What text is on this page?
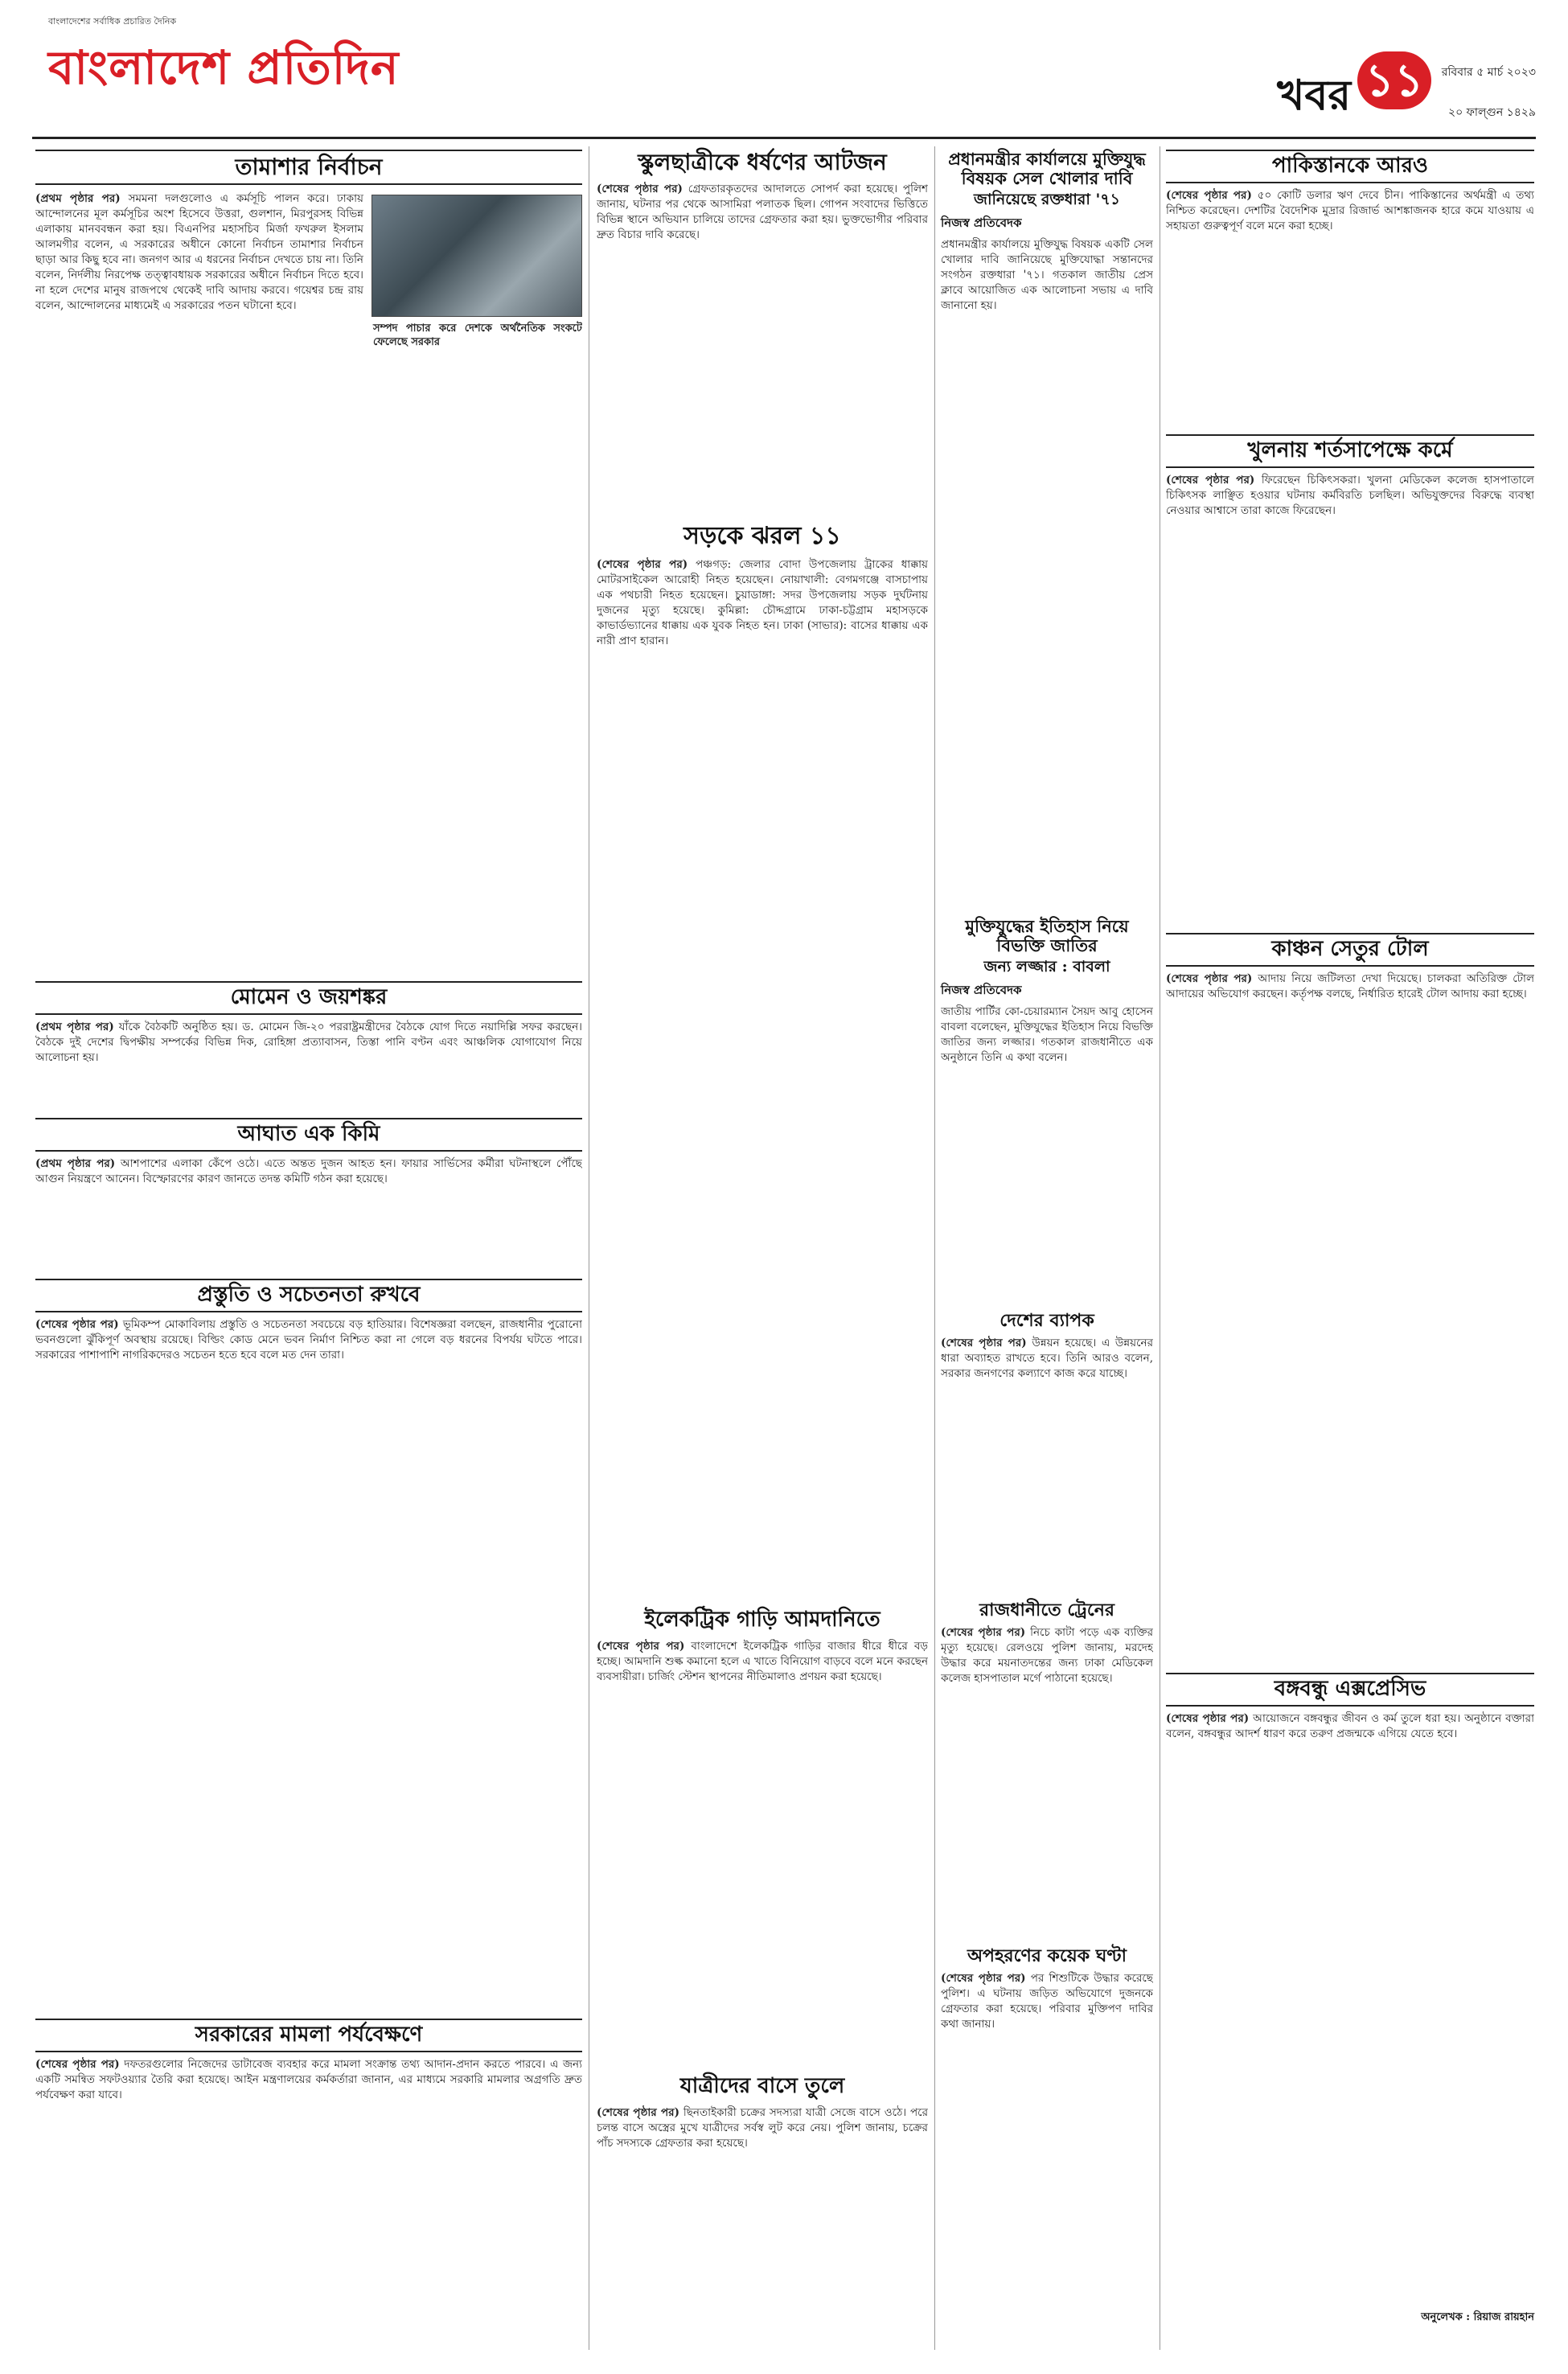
বাংলাদেশের সর্বাধিক প্রচারিত দৈনিক
বাংলাদেশ প্রতিদিন
খবর ১১	রবিবার ৫ মার্চ ২০২৩
২০ ফাল্গুন ১৪২৯
তামাশার নির্বাচন
সম্পদ পাচার করে দেশকে অর্থনৈতিক সংকটে ফেলেছে সরকার
(প্রথম পৃষ্ঠার পর) সমমনা দলগুলোও এ কর্মসূচি পালন করে। ঢাকায় আন্দোলনের মূল কর্মসূচির অংশ হিসেবে উত্তরা, গুলশান, মিরপুরসহ বিভিন্ন এলাকায় মানববন্ধন করা হয়। বিএনপির মহাসচিব মির্জা ফখরুল ইসলাম আলমগীর বলেন, এ সরকারের অধীনে কোনো নির্বাচন তামাশার নির্বাচন ছাড়া আর কিছু হবে না। জনগণ আর এ ধরনের নির্বাচন দেখতে চায় না। তিনি বলেন, নির্দলীয় নিরপেক্ষ তত্ত্বাবধায়ক সরকারের অধীনে নির্বাচন দিতে হবে। না হলে দেশের মানুষ রাজপথে থেকেই দাবি আদায় করবে। গয়েশ্বর চন্দ্র রায় বলেন, আন্দোলনের মাধ্যমেই এ সরকারের পতন ঘটানো হবে।
মোমেন ও জয়শঙ্কর
(প্রথম পৃষ্ঠার পর) যাঁকে বৈঠকটি অনুষ্ঠিত হয়। ড. মোমেন জি-২০ পররাষ্ট্রমন্ত্রীদের বৈঠকে যোগ দিতে নয়াদিল্লি সফর করছেন। বৈঠকে দুই দেশের দ্বিপক্ষীয় সম্পর্কের বিভিন্ন দিক, রোহিঙ্গা প্রত্যাবাসন, তিস্তা পানি বণ্টন এবং আঞ্চলিক যোগাযোগ নিয়ে আলোচনা হয়।
আঘাত এক কিমি
(প্রথম পৃষ্ঠার পর) আশপাশের এলাকা কেঁপে ওঠে। এতে অন্তত দুজন আহত হন। ফায়ার সার্ভিসের কর্মীরা ঘটনাস্থলে পৌঁছে আগুন নিয়ন্ত্রণে আনেন। বিস্ফোরণের কারণ জানতে তদন্ত কমিটি গঠন করা হয়েছে।
প্রস্তুতি ও সচেতনতা রুখবে
(শেষের পৃষ্ঠার পর) ভূমিকম্প মোকাবিলায় প্রস্তুতি ও সচেতনতা সবচেয়ে বড় হাতিয়ার। বিশেষজ্ঞরা বলছেন, রাজধানীর পুরোনো ভবনগুলো ঝুঁকিপূর্ণ অবস্থায় রয়েছে। বিল্ডিং কোড মেনে ভবন নির্মাণ নিশ্চিত করা না গেলে বড় ধরনের বিপর্যয় ঘটতে পারে। সরকারের পাশাপাশি নাগরিকদেরও সচেতন হতে হবে বলে মত দেন তারা।
সরকারের মামলা পর্যবেক্ষণে
(শেষের পৃষ্ঠার পর) দফতরগুলোর নিজেদের ডাটাবেজ ব্যবহার করে মামলা সংক্রান্ত তথ্য আদান-প্রদান করতে পারবে। এ জন্য একটি সমন্বিত সফটওয়্যার তৈরি করা হয়েছে। আইন মন্ত্রণালয়ের কর্মকর্তারা জানান, এর মাধ্যমে সরকারি মামলার অগ্রগতি দ্রুত পর্যবেক্ষণ করা যাবে।
স্কুলছাত্রীকে ধর্ষণের আটজন
(শেষের পৃষ্ঠার পর) গ্রেফতারকৃতদের আদালতে সোপর্দ করা হয়েছে। পুলিশ জানায়, ঘটনার পর থেকে আসামিরা পলাতক ছিল। গোপন সংবাদের ভিত্তিতে বিভিন্ন স্থানে অভিযান চালিয়ে তাদের গ্রেফতার করা হয়। ভুক্তভোগীর পরিবার দ্রুত বিচার দাবি করেছে।
সড়কে ঝরল ১১
(শেষের পৃষ্ঠার পর) পঞ্চগড়: জেলার বোদা উপজেলায় ট্রাকের ধাক্কায় মোটরসাইকেল আরোহী নিহত হয়েছেন। নোয়াখালী: বেগমগঞ্জে বাসচাপায় এক পথচারী নিহত হয়েছেন। চুয়াডাঙ্গা: সদর উপজেলায় সড়ক দুর্ঘটনায় দুজনের মৃত্যু হয়েছে। কুমিল্লা: চৌদ্দগ্রামে ঢাকা-চট্টগ্রাম মহাসড়কে কাভার্ডভ্যানের ধাক্কায় এক যুবক নিহত হন। ঢাকা (সাভার): বাসের ধাক্কায় এক নারী প্রাণ হারান।
ইলেকট্রিক গাড়ি আমদানিতে
(শেষের পৃষ্ঠার পর) বাংলাদেশে ইলেকট্রিক গাড়ির বাজার ধীরে ধীরে বড় হচ্ছে। আমদানি শুল্ক কমানো হলে এ খাতে বিনিয়োগ বাড়বে বলে মনে করছেন ব্যবসায়ীরা। চার্জিং স্টেশন স্থাপনের নীতিমালাও প্রণয়ন করা হয়েছে।
যাত্রীদের বাসে তুলে
(শেষের পৃষ্ঠার পর) ছিনতাইকারী চক্রের সদস্যরা যাত্রী সেজে বাসে ওঠে। পরে চলন্ত বাসে অস্ত্রের মুখে যাত্রীদের সর্বস্ব লুট করে নেয়। পুলিশ জানায়, চক্রের পাঁচ সদস্যকে গ্রেফতার করা হয়েছে।
প্রধানমন্ত্রীর কার্যালয়ে মুক্তিযুদ্ধ বিষয়ক সেল খোলার দাবি
জানিয়েছে রক্তধারা '৭১
নিজস্ব প্রতিবেদক
প্রধানমন্ত্রীর কার্যালয়ে মুক্তিযুদ্ধ বিষয়ক একটি সেল খোলার দাবি জানিয়েছে মুক্তিযোদ্ধা সন্তানদের সংগঠন রক্তধারা '৭১। গতকাল জাতীয় প্রেস ক্লাবে আয়োজিত এক আলোচনা সভায় এ দাবি জানানো হয়।
মুক্তিযুদ্ধের ইতিহাস নিয়ে বিভক্তি জাতির
জন্য লজ্জার : বাবলা
নিজস্ব প্রতিবেদক
জাতীয় পার্টির কো-চেয়ারম্যান সৈয়দ আবু হোসেন বাবলা বলেছেন, মুক্তিযুদ্ধের ইতিহাস নিয়ে বিভক্তি জাতির জন্য লজ্জার। গতকাল রাজধানীতে এক অনুষ্ঠানে তিনি এ কথা বলেন।
দেশের ব্যাপক
(শেষের পৃষ্ঠার পর) উন্নয়ন হয়েছে। এ উন্নয়নের ধারা অব্যাহত রাখতে হবে। তিনি আরও বলেন, সরকার জনগণের কল্যাণে কাজ করে যাচ্ছে।
রাজধানীতে ট্রেনের
(শেষের পৃষ্ঠার পর) নিচে কাটা পড়ে এক ব্যক্তির মৃত্যু হয়েছে। রেলওয়ে পুলিশ জানায়, মরদেহ উদ্ধার করে ময়নাতদন্তের জন্য ঢাকা মেডিকেল কলেজ হাসপাতাল মর্গে পাঠানো হয়েছে।
অপহরণের কয়েক ঘণ্টা
(শেষের পৃষ্ঠার পর) পর শিশুটিকে উদ্ধার করেছে পুলিশ। এ ঘটনায় জড়িত অভিযোগে দুজনকে গ্রেফতার করা হয়েছে। পরিবার মুক্তিপণ দাবির কথা জানায়।
পাকিস্তানকে আরও
(শেষের পৃষ্ঠার পর) ৫০ কোটি ডলার ঋণ দেবে চীন। পাকিস্তানের অর্থমন্ত্রী এ তথ্য নিশ্চিত করেছেন। দেশটির বৈদেশিক মুদ্রার রিজার্ভ আশঙ্কাজনক হারে কমে যাওয়ায় এ সহায়তা গুরুত্বপূর্ণ বলে মনে করা হচ্ছে।
খুলনায় শর্তসাপেক্ষে কর্মে
(শেষের পৃষ্ঠার পর) ফিরেছেন চিকিৎসকরা। খুলনা মেডিকেল কলেজ হাসপাতালে চিকিৎসক লাঞ্ছিত হওয়ার ঘটনায় কর্মবিরতি চলছিল। অভিযুক্তদের বিরুদ্ধে ব্যবস্থা নেওয়ার আশ্বাসে তারা কাজে ফিরেছেন।
কাঞ্চন সেতুর টোল
(শেষের পৃষ্ঠার পর) আদায় নিয়ে জটিলতা দেখা দিয়েছে। চালকরা অতিরিক্ত টোল আদায়ের অভিযোগ করছেন। কর্তৃপক্ষ বলছে, নির্ধারিত হারেই টোল আদায় করা হচ্ছে।
বঙ্গবন্ধু এক্সপ্রেসিভ
(শেষের পৃষ্ঠার পর) আয়োজনে বঙ্গবন্ধুর জীবন ও কর্ম তুলে ধরা হয়। অনুষ্ঠানে বক্তারা বলেন, বঙ্গবন্ধুর আদর্শ ধারণ করে তরুণ প্রজন্মকে এগিয়ে যেতে হবে।
অনুলেখক : রিয়াজ রায়হান
